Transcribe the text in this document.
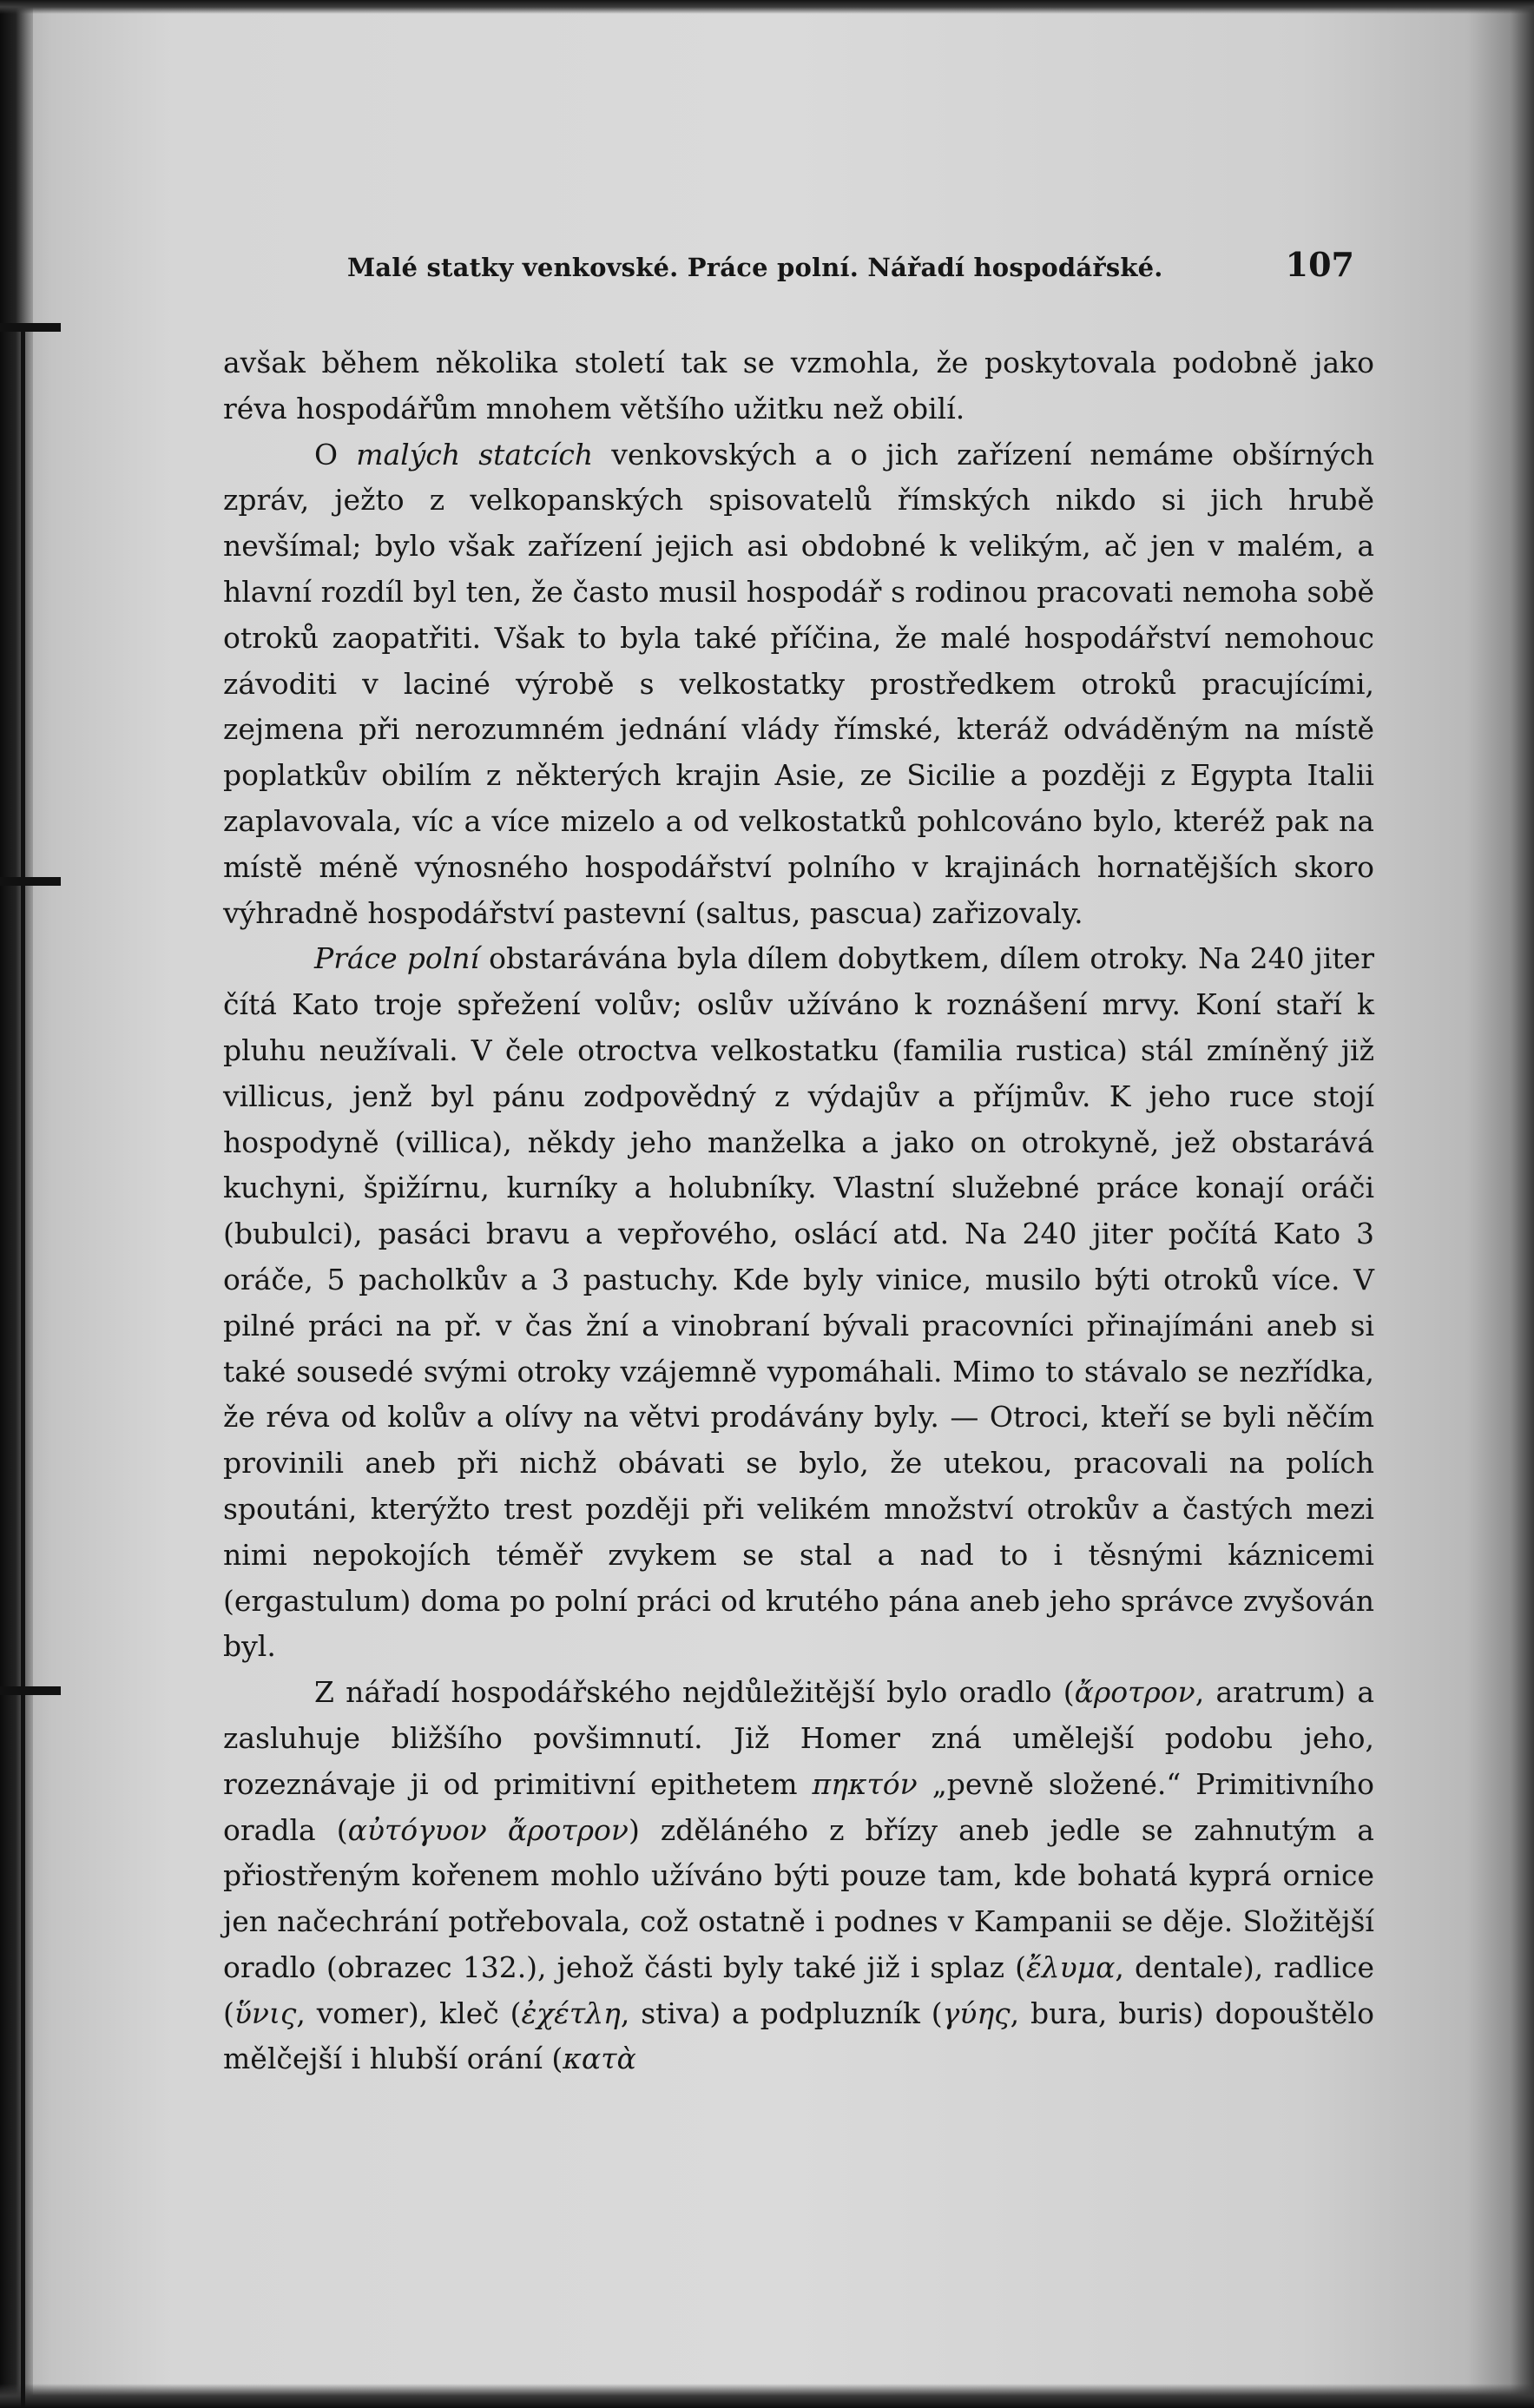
Malé statky venkovské. Práce polní. Nářadí hospodářské.	107

avšak během několika století tak se vzmohla, že poskytovala podobně jako réva hospodářům mnohem většího užitku než obilí.

O malých statcích venkovských a o jich zařízení nemáme obšírných zpráv, ježto z velkopanských spisovatelů římských nikdo si jich hrubě nevšímal; bylo však zařízení jejich asi obdobné k velikým, ač jen v malém, a hlavní rozdíl byl ten, že často musil hospodář s rodinou pracovati nemoha sobě otroků zaopatřiti. Však to byla také příčina, že malé hospodářství nemohouc závoditi v laciné výrobě s velkostatky prostředkem otroků pracujícími, zejmena při nerozumném jednání vlády římské, kteráž odváděným na místě poplatkův obilím z některých krajin Asie, ze Sicilie a později z Egypta Italii zaplavovala, víc a více mizelo a od velkostatků pohlcováno bylo, kteréž pak na místě méně výnosného hospodářství polního v krajinách hornatějších skoro výhradně hospodářství pastevní (saltus, pascua) zařizovaly.

Práce polní obstarávána byla dílem dobytkem, dílem otroky. Na 240 jiter čítá Kato troje spřežení volův; oslův užíváno k roznášení mrvy. Koní staří k pluhu neužívali. V čele otroctva velkostatku (familia rustica) stál zmíněný již villicus, jenž byl pánu zodpovědný z výdajův a příjmův. K jeho ruce stojí hospodyně (villica), někdy jeho manželka a jako on otrokyně, jež obstarává kuchyni, špižírnu, kurníky a holubníky. Vlastní služebné práce konají oráči (bubulci), pasáci bravu a vepřového, oslácí atd. Na 240 jiter počítá Kato 3 oráče, 5 pacholkův a 3 pastuchy. Kde byly vinice, musilo býti otroků více. V pilné práci na př. v čas žní a vinobraní bývali pracovníci přinajímáni aneb si také sousedé svými otroky vzájemně vypomáhali. Mimo to stávalo se nezřídka, že réva od kolův a olívy na větvi prodávány byly. — Otroci, kteří se byli něčím provinili aneb při nichž obávati se bylo, že utekou, pracovali na polích spoutáni, kterýžto trest později při velikém množství otrokův a častých mezi nimi nepokojích téměř zvykem se stal a nad to i těsnými káznicemi (ergastulum) doma po polní práci od krutého pána aneb jeho správce zvyšován byl.

Z nářadí hospodářského nejdůležitější bylo oradlo (ἄροτρον, aratrum) a zasluhuje bližšího povšimnutí. Již Homer zná umělejší podobu jeho, rozeznávaje ji od primitivní epithetem πηκτόν „pevně složené.“ Primitivního oradla (αὐτόγυον ἄροτρον) zděláného z břízy aneb jedle se zahnutým a přiostřeným kořenem mohlo užíváno býti pouze tam, kde bohatá kyprá ornice jen načechrání potřebovala, což ostatně i podnes v Kampanii se děje. Složitější oradlo (obrazec 132.), jehož části byly také již i splaz (ἔλυμα, dentale), radlice (ὕνις, vomer), kleč (ἐχέτλη, stiva) a podpluzník (γύης, bura, buris) dopouštělo mělčejší i hlubší orání (κατὰ
